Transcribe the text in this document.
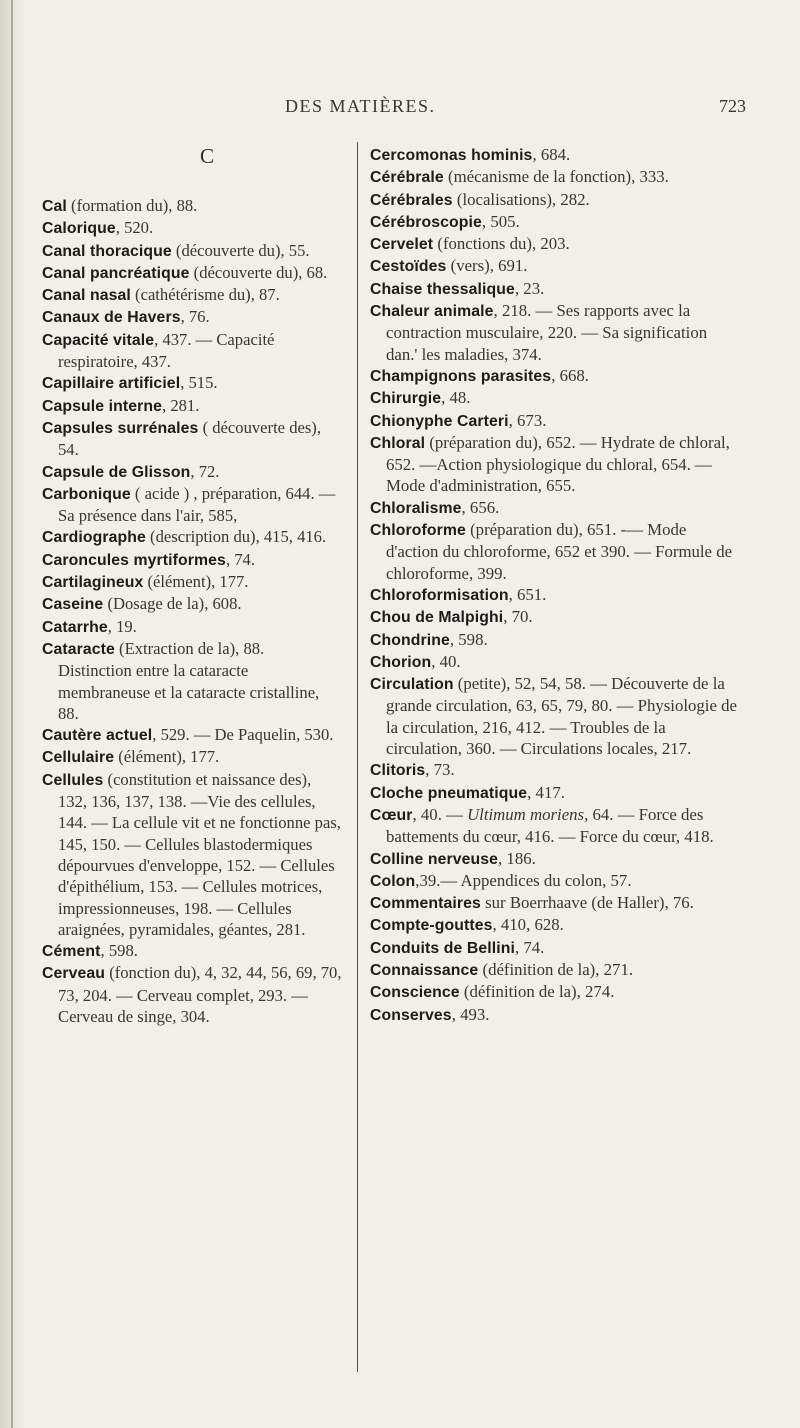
DES MATIÈRES.	723
C

Cal (formation du), 88.

Calorique, 520.

Canal thoracique (découverte du), 55.

Canal pancréatique (découverte du), 68.

Canal nasal (cathétérisme du), 87.

Canaux de Havers, 76.

Capacité vitale, 437. — Capacité respiratoire, 437.

Capillaire artificiel, 515.

Capsule interne, 281.

Capsules surrénales ( découverte des), 54.

Capsule de Glisson, 72.

Carbonique ( acide ) , préparation, 644. — Sa présence dans l'air, 585,

Cardiographe (description du), 415, 416.

Caroncules myrtiformes, 74.

Cartilagineux (élément), 177.

Caseine (Dosage de la), 608.

Catarrhe, 19.

Cataracte (Extraction de la), 88. Distinction entre la cataracte membraneuse et la cataracte cristalline, 88.

Cautère actuel, 529. — De Paquelin, 530.

Cellulaire (élément), 177.

Cellules (constitution et naissance des), 132, 136, 137, 138. —Vie des cellules, 144. — La cellule vit et ne fonctionne pas, 145, 150. — Cellules blastodermiques dépourvues d'enveloppe, 152. — Cellules d'épithélium, 153. — Cellules motrices, impressionneuses, 198. — Cellules araignées, pyramidales, géantes, 281.

Cément, 598.

Cerveau (fonction du), 4, 32, 44, 56, 69, 70, 73, 204. — Cerveau complet, 293. — Cerveau de singe, 304.

Cercomonas hominis, 684.

Cérébrale (mécanisme de la fonction), 333.

Cérébrales (localisations), 282.

Cérébroscopie, 505.

Cervelet (fonctions du), 203.

Cestoïdes (vers), 691.

Chaise thessalique, 23.

Chaleur animale, 218. — Ses rapports avec la contraction musculaire, 220. — Sa signification dan.' les maladies, 374.

Champignons parasites, 668.

Chirurgie, 48.

Chionyphe Carteri, 673.

Chloral (préparation du), 652. — Hydrate de chloral, 652. —Action physiologique du chloral, 654. — Mode d'administration, 655.

Chloralisme, 656.

Chloroforme (préparation du), 651. -— Mode d'action du chloroforme, 652 et 390. — Formule de chloroforme, 399.

Chloroformisation, 651.

Chou de Malpighi, 70.

Chondrine, 598.

Chorion, 40.

Circulation (petite), 52, 54, 58. — Découverte de la grande circulation, 63, 65, 79, 80. — Physiologie de la circulation, 216, 412. — Troubles de la circulation, 360. — Circulations locales, 217.

Clitoris, 73.

Cloche pneumatique, 417.

Cœur, 40. — Ultimum moriens, 64. — Force des battements du cœur, 416. — Force du cœur, 418.

Colline nerveuse, 186.

Colon,39.— Appendices du colon, 57.

Commentaires sur Boerrhaave (de Haller), 76.

Compte-gouttes, 410, 628.

Conduits de Bellini, 74.

Connaissance (définition de la), 271.

Conscience (définition de la), 274.

Conserves, 493.
